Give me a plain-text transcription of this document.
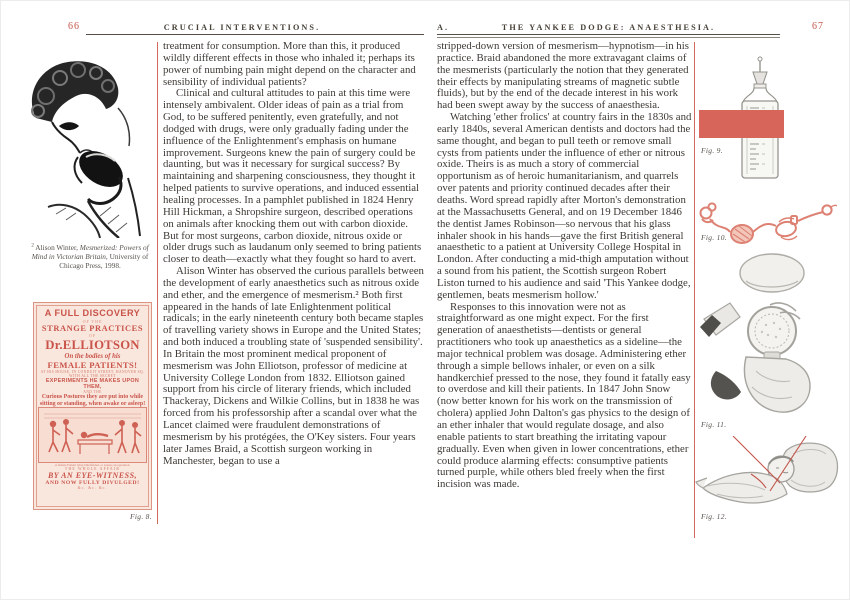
66	CRUCIAL INTERVENTIONS.	A.	THE YANKEE DODGE: ANAESTHESIA.	67
$^2$ Alison Winter, Mesmerized: Powers of Mind in Victorian Britain, University of Chicago Press, 1998.

treatment for consumption. More than this, it produced wildly different effects in those who inhaled it; perhaps its power of numbing pain might depend on the character and sensibility of individual patients?

Clinical and cultural attitudes to pain at this time were intensely ambivalent. Older ideas of pain as a trial from God, to be suffered penitently, even gratefully, and not dodged with drugs, were only gradually fading under the influence of the Enlightenment's emphasis on humane improvement. Surgeons knew the pain of surgery could be daunting, but was it necessary for surgical success? By maintaining and sharpening consciousness, they thought it helped patients to survive operations, and induced essential healing processes. In a pamphlet published in 1824 Henry Hill Hickman, a Shropshire surgeon, described operations on animals after knocking them out with carbon dioxide. But for most surgeons, carbon dioxide, nitrous oxide or older drugs such as laudanum only seemed to bring patients closer to death—exactly what they fought so hard to avert.

Alison Winter has observed the curious parallels between the development of early anaesthetics such as nitrous oxide and ether, and the emergence of mesmerism.² Both first appeared in the hands of late Enlightenment political radicals; in the early nineteenth century both became staples of travelling variety shows in Europe and the United States; and both induced a troubling state of 'suspended sensibility'. In Britain the most prominent medical proponent of mesmerism was John Elliotson, professor of medicine at University College London from 1832. Elliotson gained support from his circle of literary friends, which included Thackeray, Dickens and Wilkie Collins, but in 1838 he was forced from his professorship after a scandal over what the Lancet claimed were fraudulent demonstrations of mesmerism by his protégées, the O'Key sisters. Four years later James Braid, a Scottish surgeon working in Manchester, began to use a

A FULL DISCOVERY
OF THE
STRANGE PRACTICES
OF
Dr.ELLIOTSON
On the bodies of his
FEMALE PATIENTS!
AT HIS HOUSE, IN CONDUIT STREET, HANOVER SQ.
WITH ALL THE SECRET
EXPERIMENTS HE MAKES UPON THEM,
AND THE
Curious Postures they are put into while sitting or standing, when awake or asleep!
A female Patient lying blindfolded, or asleep; an operation.
THE WHOLE AFFAIR
BY AN EYE-WITNESS,
AND NOW FULLY DIVULGED!
&c. &c. &c.
Fig. 8.

stripped-down version of mesmerism—hypnotism—in his practice. Braid abandoned the more extravagant claims of the mesmerists (particularly the notion that they generated their effects by manipulating streams of magnetic subtle fluids), but by the end of the decade interest in his work had been swept away by the success of anaesthesia.

Watching 'ether frolics' at country fairs in the 1830s and early 1840s, several American dentists and doctors had the same thought, and began to pull teeth or remove small cysts from patients under the influence of ether or nitrous oxide. Theirs is as much a story of commercial opportunism as of heroic humanitarianism, and quarrels over patents and priority continued decades after their deaths. Word spread rapidly after Morton's demonstration at the Massachusetts General, and on 19 December 1846 the dentist James Robinson—so nervous that his glass inhaler shook in his hands—gave the first British general anaesthetic to a patient at University College Hospital in London. After conducting a mid-thigh amputation without a sound from his patient, the Scottish surgeon Robert Liston turned to his audience and said 'This Yankee dodge, gentlemen, beats mesmerism hollow.'

Responses to this innovation were not as straightforward as one might expect. For the first generation of anaesthetists—dentists or general practitioners who took up anaesthetics as a sideline—the major technical problem was dosage. Administering ether through a simple bellows inhaler, or even on a silk handkerchief pressed to the nose, they found it fatally easy to overdose and kill their patients. In 1847 John Snow (now better known for his work on the transmission of cholera) applied John Dalton's gas physics to the design of an ether inhaler that would regulate dosage, and also enable patients to start breathing the irritating vapour gradually. Even when given in lower concentrations, ether could produce alarming effects: consumptive patients turned purple, while others bled freely when the first incision was made.

Fig. 9.
Fig. 10.
Fig. 11.
Fig. 12.
